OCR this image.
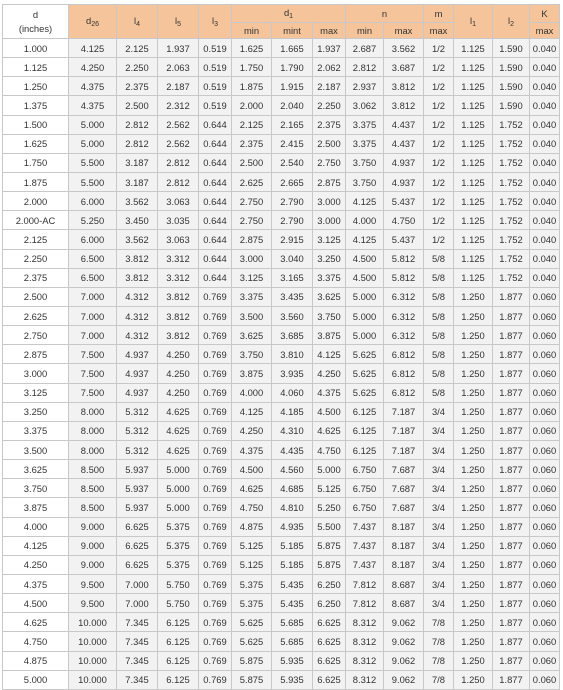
d
(inches)	$d_{26}$	$l_4$	$l_5$	$l_3$	$d_1$			n		m	$l_1$	$l_2$	K
					min	mint	max	min	max	max			max
1.000	4.125	2.125	1.937	0.519	1.625	1.665	1.937	2.687	3.562	1/2	1.125	1.590	0.040
1.125	4.250	2.250	2.063	0.519	1.750	1.790	2.062	2.812	3.687	1/2	1.125	1.590	0.040
1.250	4.375	2.375	2.187	0.519	1.875	1.915	2.187	2.937	3.812	1/2	1.125	1.590	0.040
1.375	4.375	2.500	2.312	0.519	2.000	2.040	2.250	3.062	3.812	1/2	1.125	1.590	0.040
1.500	5.000	2.812	2.562	0.644	2.125	2.165	2.375	3.375	4.437	1/2	1.125	1.752	0.040
1.625	5.000	2.812	2.562	0.644	2.375	2.415	2.500	3.375	4.437	1/2	1.125	1.752	0.040
1.750	5.500	3.187	2.812	0.644	2.500	2.540	2.750	3.750	4.937	1/2	1.125	1.752	0.040
1.875	5.500	3.187	2.812	0.644	2.625	2.665	2.875	3.750	4.937	1/2	1.125	1.752	0.040
2.000	6.000	3.562	3.063	0.644	2.750	2.790	3.000	4.125	5.437	1/2	1.125	1.752	0.040
2.000-AC	5.250	3.450	3.035	0.644	2.750	2.790	3.000	4.000	4.750	1/2	1.125	1.752	0.040
2.125	6.000	3.562	3.063	0.644	2.875	2.915	3.125	4.125	5.437	1/2	1.125	1.752	0.040
2.250	6.500	3.812	3.312	0.644	3.000	3.040	3.250	4.500	5.812	5/8	1.125	1.752	0.040
2.375	6.500	3.812	3.312	0.644	3.125	3.165	3.375	4.500	5.812	5/8	1.125	1.752	0.040
2.500	7.000	4.312	3.812	0.769	3.375	3.435	3.625	5.000	6.312	5/8	1.250	1.877	0.060
2.625	7.000	4.312	3.812	0.769	3.500	3.560	3.750	5.000	6.312	5/8	1.250	1.877	0.060
2.750	7.000	4.312	3.812	0.769	3.625	3.685	3.875	5.000	6.312	5/8	1.250	1.877	0.060
2.875	7.500	4.937	4.250	0.769	3.750	3.810	4.125	5.625	6.812	5/8	1.250	1.877	0.060
3.000	7.500	4.937	4.250	0.769	3.875	3.935	4.250	5.625	6.812	5/8	1.250	1.877	0.060
3.125	7.500	4.937	4.250	0.769	4.000	4.060	4.375	5.625	6.812	5/8	1.250	1.877	0.060
3.250	8.000	5.312	4.625	0.769	4.125	4.185	4.500	6.125	7.187	3/4	1.250	1.877	0.060
3.375	8.000	5.312	4.625	0.769	4.250	4.310	4.625	6.125	7.187	3/4	1.250	1.877	0.060
3.500	8.000	5.312	4.625	0.769	4.375	4.435	4.750	6.125	7.187	3/4	1.250	1.877	0.060
3.625	8.500	5.937	5.000	0.769	4.500	4.560	5.000	6.750	7.687	3/4	1.250	1.877	0.060
3.750	8.500	5.937	5.000	0.769	4.625	4.685	5.125	6.750	7.687	3/4	1.250	1.877	0.060
3.875	8.500	5.937	5.000	0.769	4.750	4.810	5.250	6.750	7.687	3/4	1.250	1.877	0.060
4.000	9.000	6.625	5.375	0.769	4.875	4.935	5.500	7.437	8.187	3/4	1.250	1.877	0.060
4.125	9.000	6.625	5.375	0.769	5.125	5.185	5.875	7.437	8.187	3/4	1.250	1.877	0.060
4.250	9.000	6.625	5.375	0.769	5.125	5.185	5.875	7.437	8.187	3/4	1.250	1.877	0.060
4.375	9.500	7.000	5.750	0.769	5.375	5.435	6.250	7.812	8.687	3/4	1.250	1.877	0.060
4.500	9.500	7.000	5.750	0.769	5.375	5.435	6.250	7.812	8.687	3/4	1.250	1.877	0.060
4.625	10.000	7.345	6.125	0.769	5.625	5.685	6.625	8.312	9.062	7/8	1.250	1.877	0.060
4.750	10.000	7.345	6.125	0.769	5.625	5.685	6.625	8.312	9.062	7/8	1.250	1.877	0.060
4.875	10.000	7.345	6.125	0.769	5.875	5.935	6.625	8.312	9.062	7/8	1.250	1.877	0.060
5.000	10.000	7.345	6.125	0.769	5.875	5.935	6.625	8.312	9.062	7/8	1.250	1.877	0.060
